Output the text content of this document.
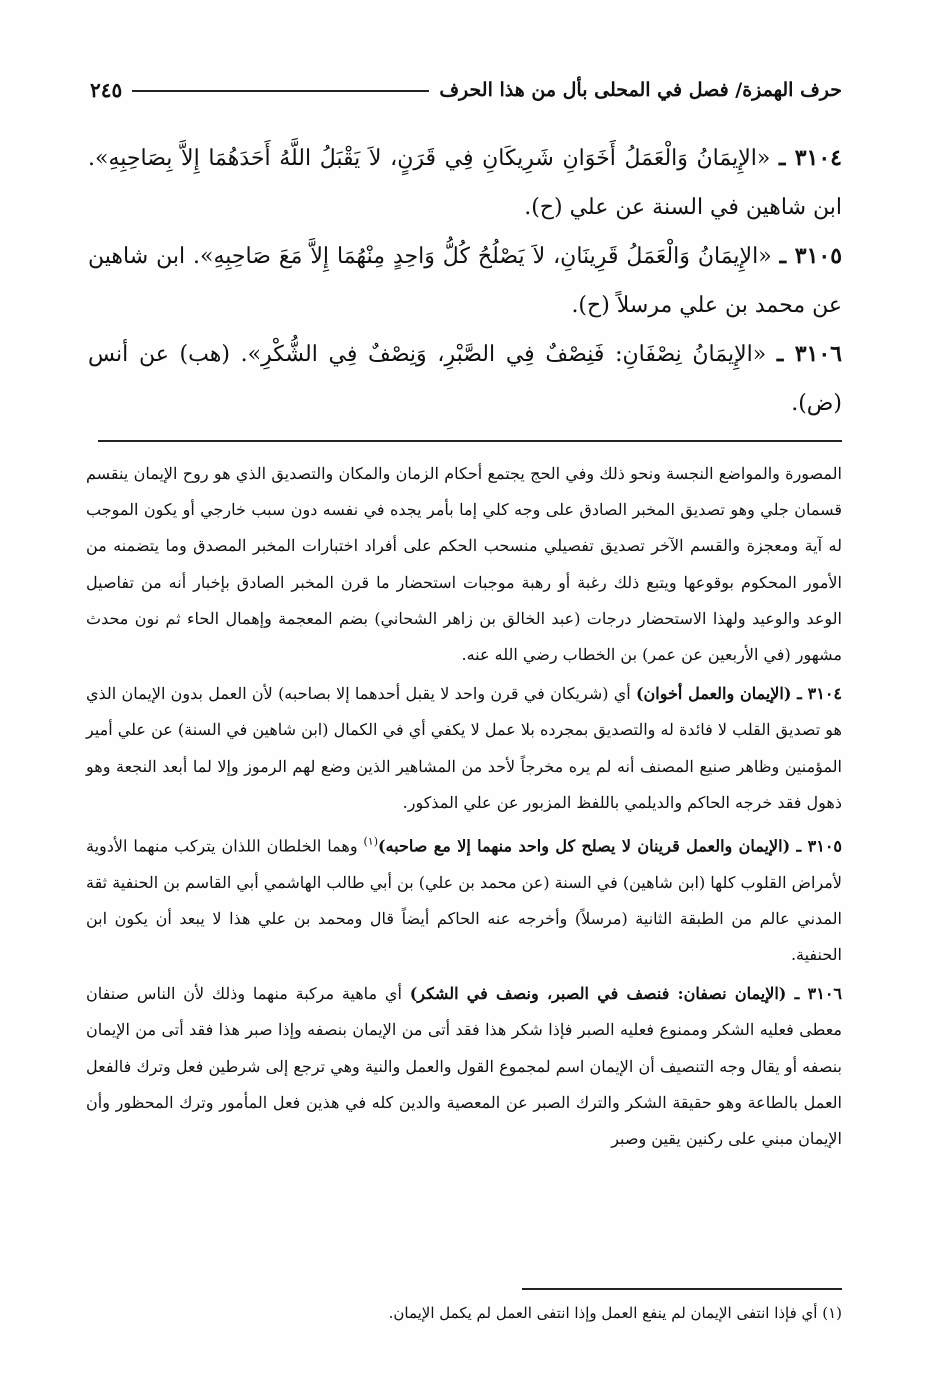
حرف الهمزة/ فصل في المحلى بأل من هذا الحرف
٢٤٥

٣١٠٤ ـ «الإِيمَانُ وَالْعَمَلُ أَخَوَانِ شَرِيكَانِ فِي قَرَنٍ، لاَ يَقْبَلُ اللَّهُ أَحَدَهُمَا إِلاَّ بِصَاحِبِهِ». ابن شاهين في السنة عن علي (ح).

٣١٠٥ ـ «الإِيمَانُ وَالْعَمَلُ قَرِينَانِ، لاَ يَصْلُحُ كُلُّ وَاحِدٍ مِنْهُمَا إِلاَّ مَعَ صَاحِبِهِ». ابن شاهين عن محمد بن علي مرسلاً (ح).

٣١٠٦ ـ «الإِيمَانُ نِصْفَانِ: فَنِصْفٌ فِي الصَّبْرِ، وَنِصْفٌ فِي الشُّكْرِ». (هب) عن أنس (ض).

المصورة والمواضع النجسة ونحو ذلك وفي الحج يجتمع أحكام الزمان والمكان والتصديق الذي هو روح الإيمان ينقسم قسمان جلي وهو تصديق المخبر الصادق على وجه كلي إما بأمر يجده في نفسه دون سبب خارجي أو يكون الموجب له آية ومعجزة والقسم الآخر تصديق تفصيلي منسحب الحكم على أفراد اختبارات المخبر المصدق وما يتضمنه من الأمور المحكوم بوقوعها ويتبع ذلك رغبة أو رهبة موجبات استحضار ما قرن المخبر الصادق بإخبار أنه من تفاصيل الوعد والوعيد ولهذا الاستحضار درجات (عبد الخالق بن زاهر الشحاني) بضم المعجمة وإهمال الحاء ثم نون محدث مشهور (في الأربعين عن عمر) بن الخطاب رضي الله عنه.

٣١٠٤ ـ (الإيمان والعمل أخوان) أي (شريكان في قرن واحد لا يقبل أحدهما إلا بصاحبه) لأن العمل بدون الإيمان الذي هو تصديق القلب لا فائدة له والتصديق بمجرده بلا عمل لا يكفي أي في الكمال (ابن شاهين في السنة) عن علي أمير المؤمنين وظاهر صنيع المصنف أنه لم يره مخرجاً لأحد من المشاهير الذين وضع لهم الرموز وإلا لما أبعد النجعة وهو ذهول فقد خرجه الحاكم والديلمي باللفظ المزبور عن علي المذكور.

٣١٠٥ ـ (الإيمان والعمل قرينان لا يصلح كل واحد منهما إلا مع صاحبه)$^{(١)}$ وهما الخلطان اللذان يتركب منهما الأدوية لأمراض القلوب كلها (ابن شاهين) في السنة (عن محمد بن علي) بن أبي طالب الهاشمي أبي القاسم بن الحنفية ثقة المدني عالم من الطبقة الثانية (مرسلاً) وأخرجه عنه الحاكم أيضاً قال ومحمد بن علي هذا لا يبعد أن يكون ابن الحنفية.

٣١٠٦ ـ (الإيمان نصفان: فنصف في الصبر، ونصف في الشكر) أي ماهية مركبة منهما وذلك لأن الناس صنفان معطى فعليه الشكر وممنوع فعليه الصبر فإذا شكر هذا فقد أتى من الإيمان بنصفه وإذا صبر هذا فقد أتى من الإيمان بنصفه أو يقال وجه التنصيف أن الإيمان اسم لمجموع القول والعمل والنية وهي ترجع إلى شرطين فعل وترك فالفعل العمل بالطاعة وهو حقيقة الشكر والترك الصبر عن المعصية والدين كله في هذين فعل المأمور وترك المحظور وأن الإيمان مبني على ركنين يقين وصبر

(١) أي فإذا انتفى الإيمان لم ينفع العمل وإذا انتفى العمل لم يكمل الإيمان.
